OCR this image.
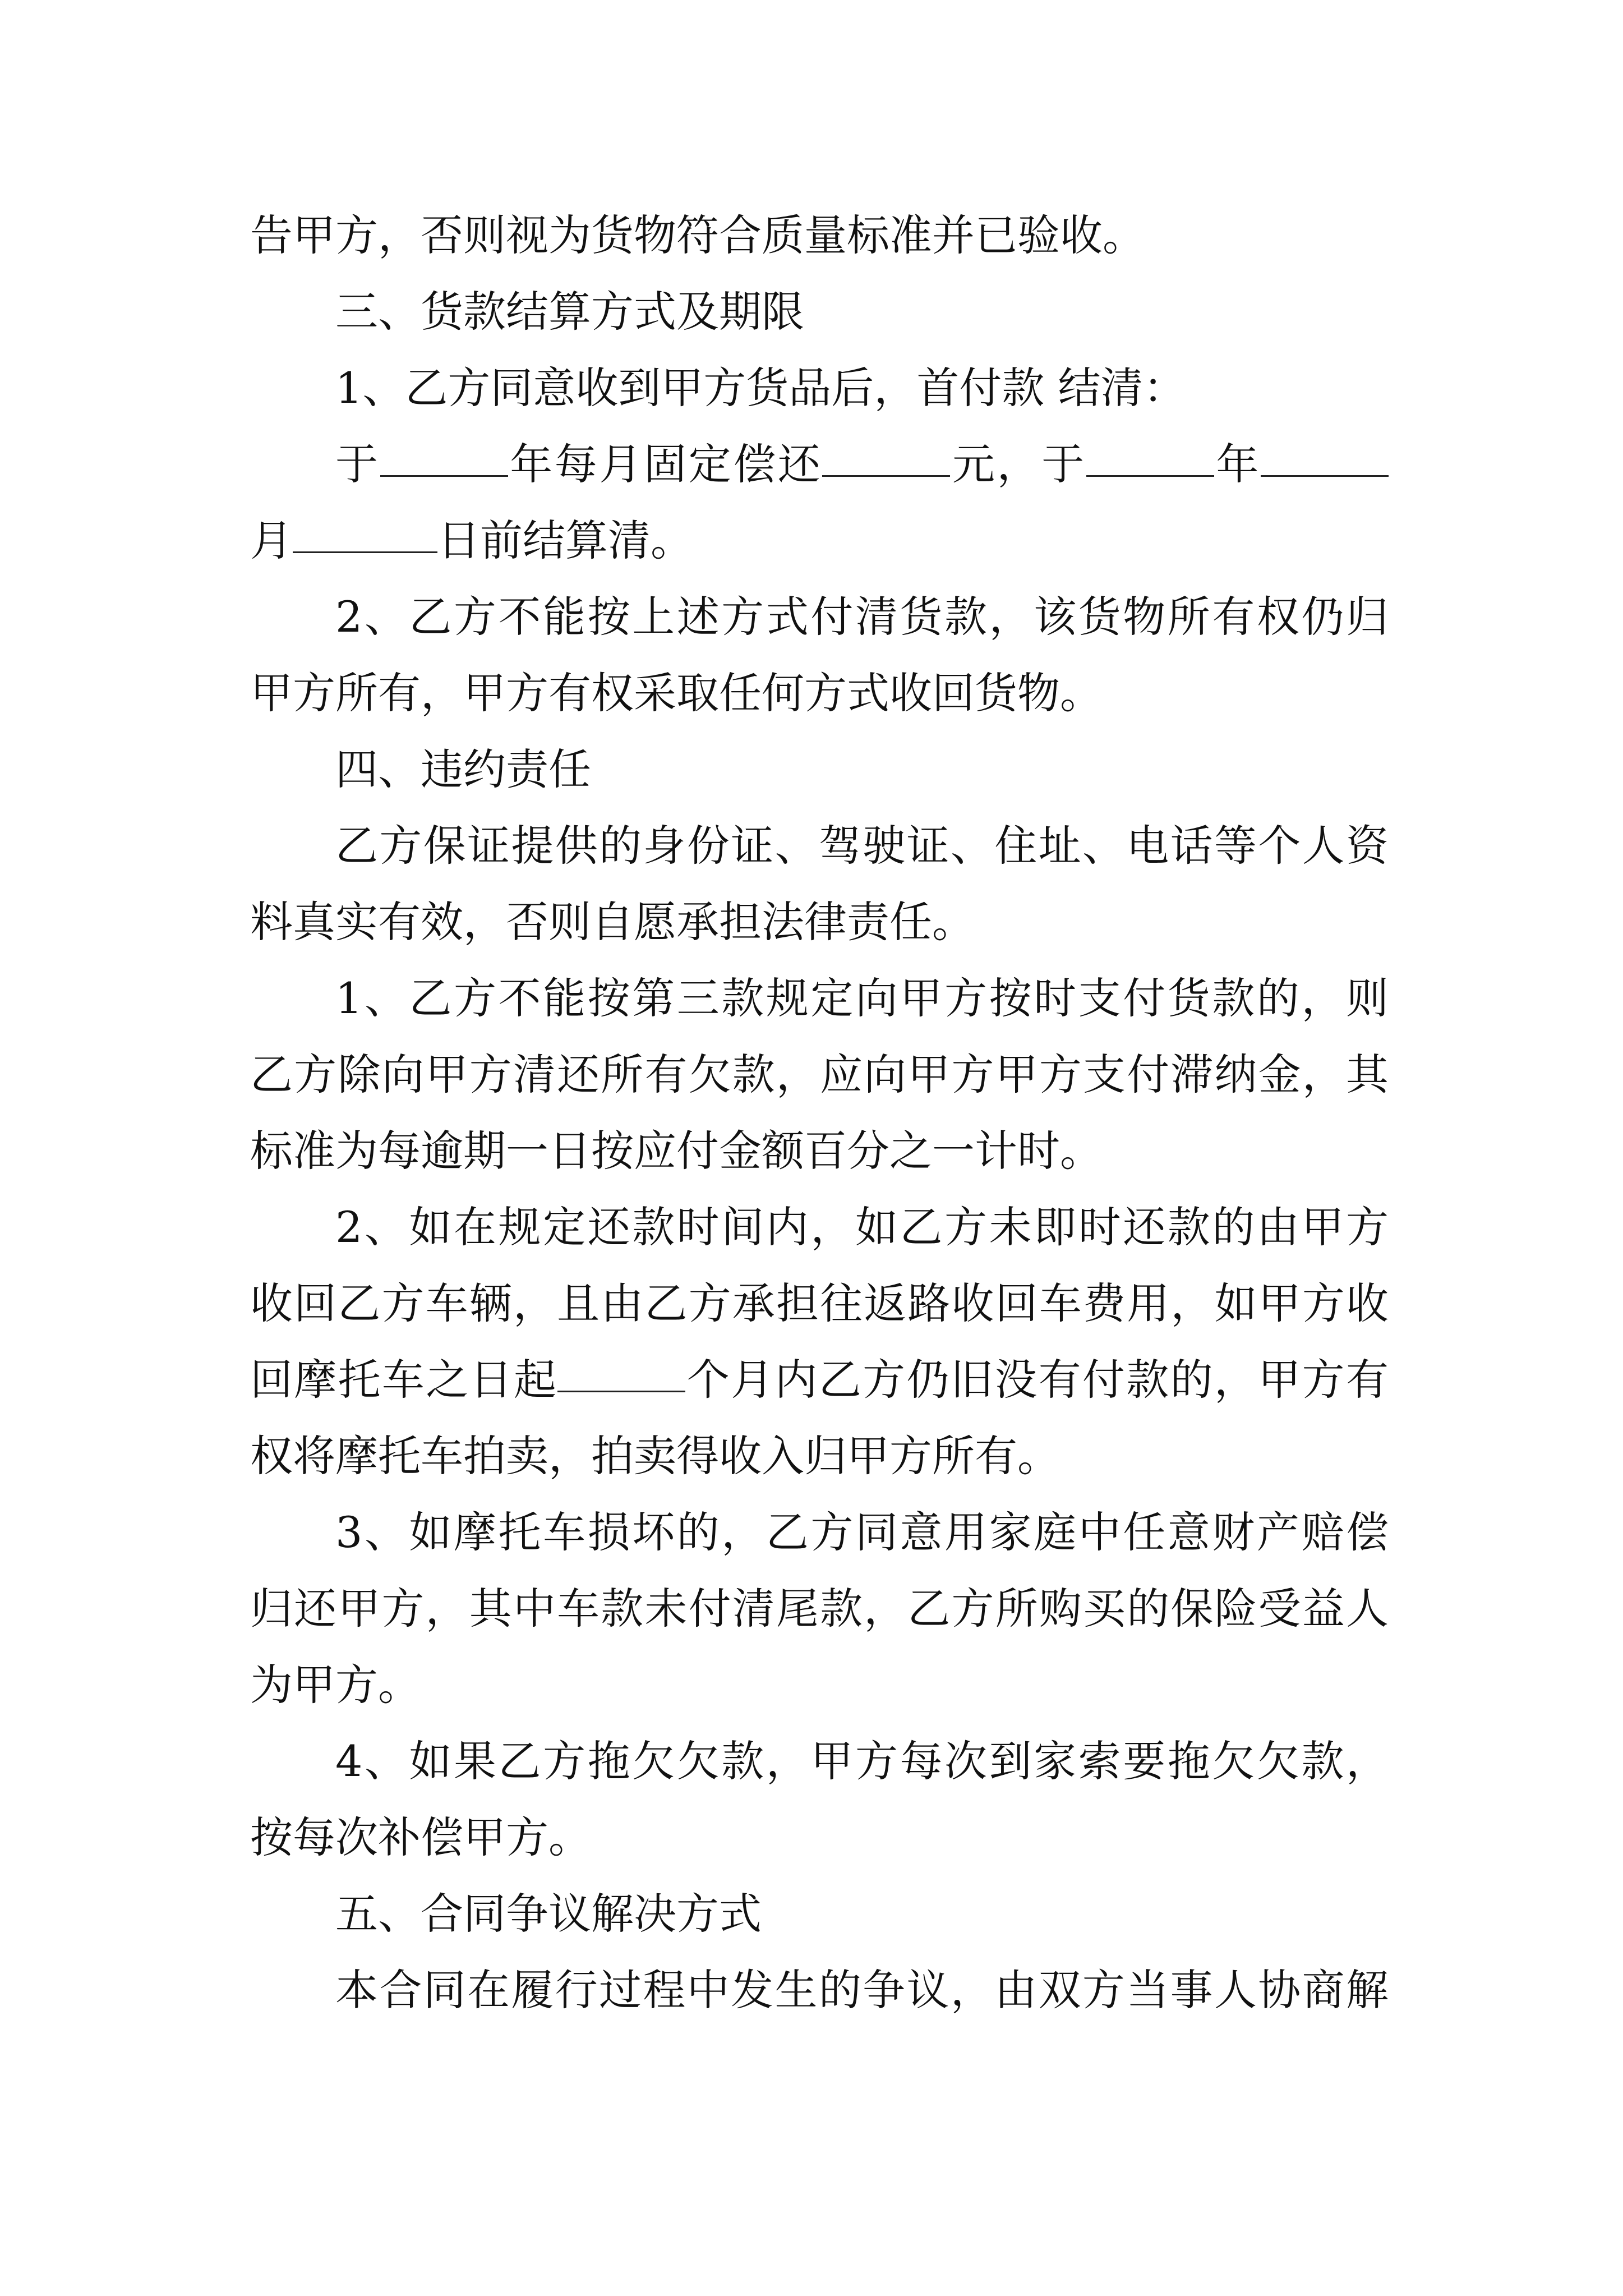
告甲方，否则视为货物符合质量标准并已验收。
三、货款结算方式及期限
1、乙方同意收到甲方货品后，首付款 结清：
于	年每月固定偿还	元，于	年
月	日前结算清。
2、乙方不能按上述方式付清货款，该货物所有权仍归
甲方所有，甲方有权采取任何方式收回货物。
四、违约责任
乙方保证提供的身份证、驾驶证、住址、电话等个人资
料真实有效，否则自愿承担法律责任。
1、乙方不能按第三款规定向甲方按时支付货款的，则
乙方除向甲方清还所有欠款，应向甲方甲方支付滞纳金，其
标准为每逾期一日按应付金额百分之一计时。
2、如在规定还款时间内，如乙方未即时还款的由甲方
收回乙方车辆，且由乙方承担往返路收回车费用，如甲方收
回摩托车之日起	个月内乙方仍旧没有付款的，甲方有
权将摩托车拍卖，拍卖得收入归甲方所有。
3、如摩托车损坏的，乙方同意用家庭中任意财产赔偿
归还甲方，其中车款未付清尾款，乙方所购买的保险受益人
为甲方。
4、如果乙方拖欠欠款，甲方每次到家索要拖欠欠款，
按每次补偿甲方。
五、合同争议解决方式
本合同在履行过程中发生的争议，由双方当事人协商解
